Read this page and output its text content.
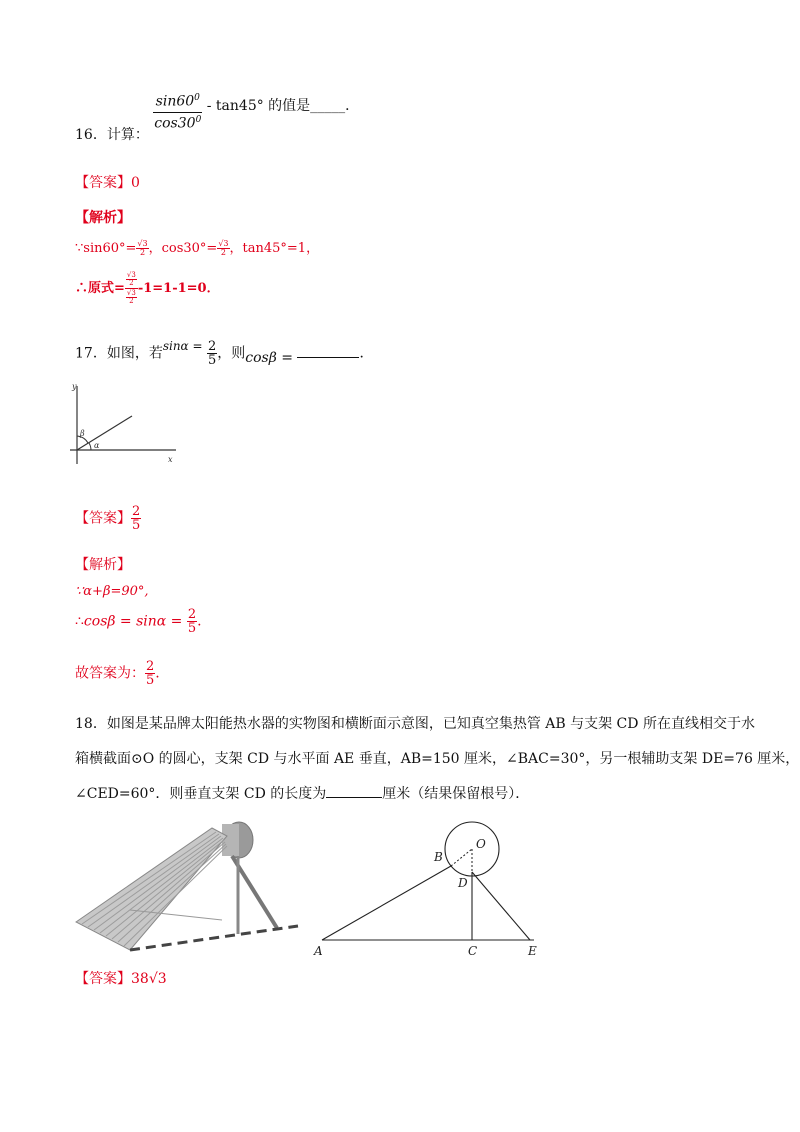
16．计算：
$\frac{\sin 60^0}{\cos 30^0} - \tan 45^\circ$ 的值是_____．
【答案】0
【解析】
∵sin60°= $\frac{√3}{2}$ ，$\cos 30^\circ= \frac{√3}{2}$ ，tan45°=1，
∴原式= $\frac{\frac{√3}{2}}{\frac{√3}{2}} -1=1-1=0$．
17．如图，若$\sin\alpha = \frac{2}{5}$ ，则cosβ =	．
y
x
β
α
【答案】 $\frac{2}{5}$
【解析】
∵α+β=90°,
∴cosβ = $\sin\alpha = \frac{2}{5}$ .
故答案为： $\frac{2}{5}$ .
18．如图是某品牌太阳能热水器的实物图和横断面示意图，已知真空集热管 AB 与支架 CD 所在直线相交于水
箱横截面⊙O 的圆心，支架 CD 与水平面 AE 垂直，AB=150 厘米，∠BAC=30°，另一根辅助支架 DE=76 厘米，
∠CED=60°．则垂直支架 CD 的长度为	厘米（结果保留根号）．
O
B
D
A	C	E
【答案】38√3
